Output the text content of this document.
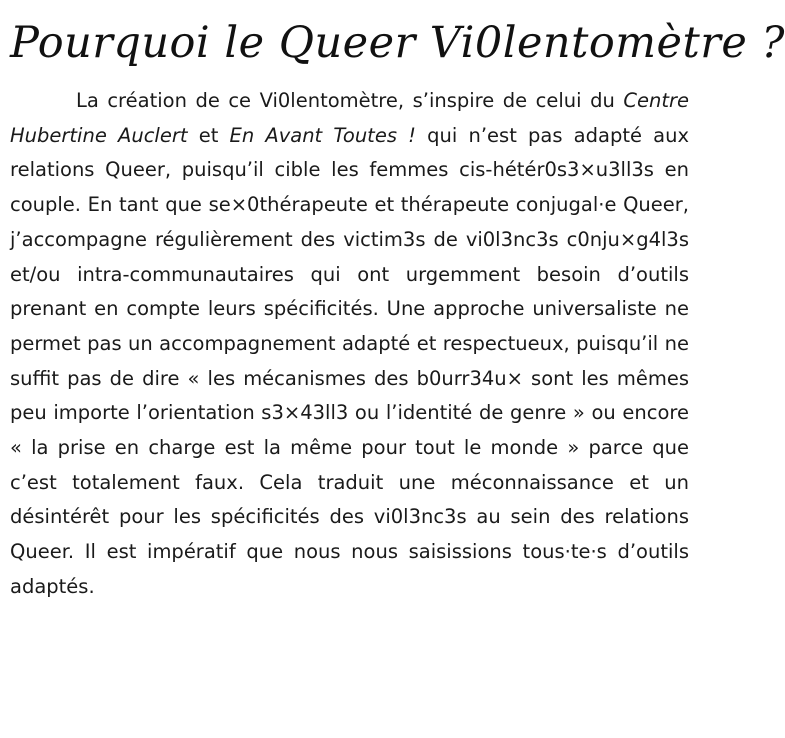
Pourquoi le Queer Vi0lentomètre ?

La création de ce Vi0lentomètre, s’inspire de celui du Centre Hubertine Auclert et En Avant Toutes ! qui n’est pas adapté aux relations Queer, puisqu’il cible les femmes cis-hétér0s3×u3ll3s en couple. En tant que se×0thérapeute et thérapeute conjugal·e Queer, j’accompagne régulièrement des victim3s de vi0l3nc3s c0nju×g4l3s et/ou intra-communautaires qui ont urgemment besoin d’outils prenant en compte leurs spécificités. Une approche universaliste ne permet pas un accompagnement adapté et respectueux, puisqu’il ne suffit pas de dire « les mécanismes des b0urr34u× sont les mêmes peu importe l’orientation s3×43ll3 ou l’identité de genre » ou encore « la prise en charge est la même pour tout le monde » parce que c’est totalement faux. Cela traduit une méconnaissance et un désintérêt pour les spécificités des vi0l3nc3s au sein des relations Queer. Il est impératif que nous nous saisissions tous·te·s d’outils adaptés.
